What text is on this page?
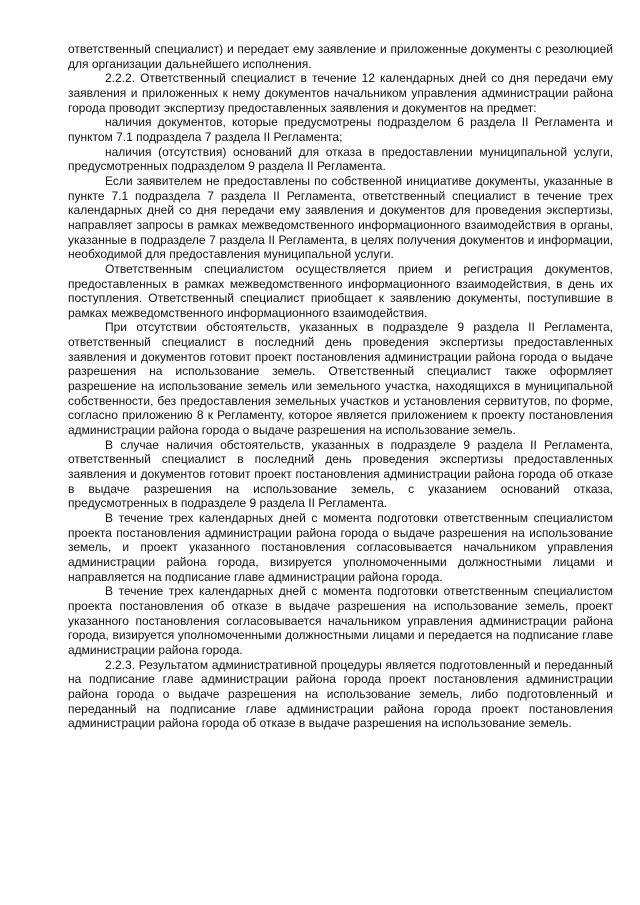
ответственный специалист) и передает ему заявление и приложенные документы с резолюцией для организации дальнейшего исполнения.

2.2.2. Ответственный специалист в течение 12 календарных дней со дня передачи ему заявления и приложенных к нему документов начальником управления администрации района города проводит экспертизу предоставленных заявления и документов на предмет:

наличия документов, которые предусмотрены подразделом 6 раздела II Регламента и пунктом 7.1 подраздела 7 раздела II Регламента;

наличия (отсутствия) оснований для отказа в предоставлении муниципальной услуги, предусмотренных подразделом 9 раздела II Регламента.

Если заявителем не предоставлены по собственной инициативе документы, указанные в пункте 7.1 подраздела 7 раздела II Регламента, ответственный специалист в течение трех календарных дней со дня передачи ему заявления и документов для проведения экспертизы, направляет запросы в рамках межведомственного информационного взаимодействия в органы, указанные в подразделе 7 раздела II Регламента, в целях получения документов и информации, необходимой для предоставления муниципальной услуги.

Ответственным специалистом осуществляется прием и регистрация документов, предоставленных в рамках межведомственного информационного взаимодействия, в день их поступления. Ответственный специалист приобщает к заявлению документы, поступившие в рамках межведомственного информационного взаимодействия.

При отсутствии обстоятельств, указанных в подразделе 9 раздела II Регламента, ответственный специалист в последний день проведения экспертизы предоставленных заявления и документов готовит проект постановления администрации района города о выдаче разрешения на использование земель. Ответственный специалист также оформляет разрешение на использование земель или земельного участка, находящихся в муниципальной собственности, без предоставления земельных участков и установления сервитутов, по форме, согласно приложению 8 к Регламенту, которое является приложением к проекту постановления администрации района города о выдаче разрешения на использование земель.

В случае наличия обстоятельств, указанных в подразделе 9 раздела II Регламента, ответственный специалист в последний день проведения экспертизы предоставленных заявления и документов готовит проект постановления администрации района города об отказе в выдаче разрешения на использование земель, с указанием оснований отказа, предусмотренных в подразделе 9 раздела II Регламента.

В течение трех календарных дней с момента подготовки ответственным специалистом проекта постановления администрации района города о выдаче разрешения на использование земель, и проект указанного постановления согласовывается начальником управления администрации района города, визируется уполномоченными должностными лицами и направляется на подписание главе администрации района города.

В течение трех календарных дней с момента подготовки ответственным специалистом проекта постановления об отказе в выдаче разрешения на использование земель, проект указанного постановления согласовывается начальником управления администрации района города, визируется уполномоченными должностными лицами и передается на подписание главе администрации района города.

2.2.3. Результатом административной процедуры является подготовленный и переданный на подписание главе администрации района города проект постановления администрации района города о выдаче разрешения на использование земель, либо подготовленный и переданный на подписание главе администрации района города проект постановления администрации района города об отказе в выдаче разрешения на использование земель.
